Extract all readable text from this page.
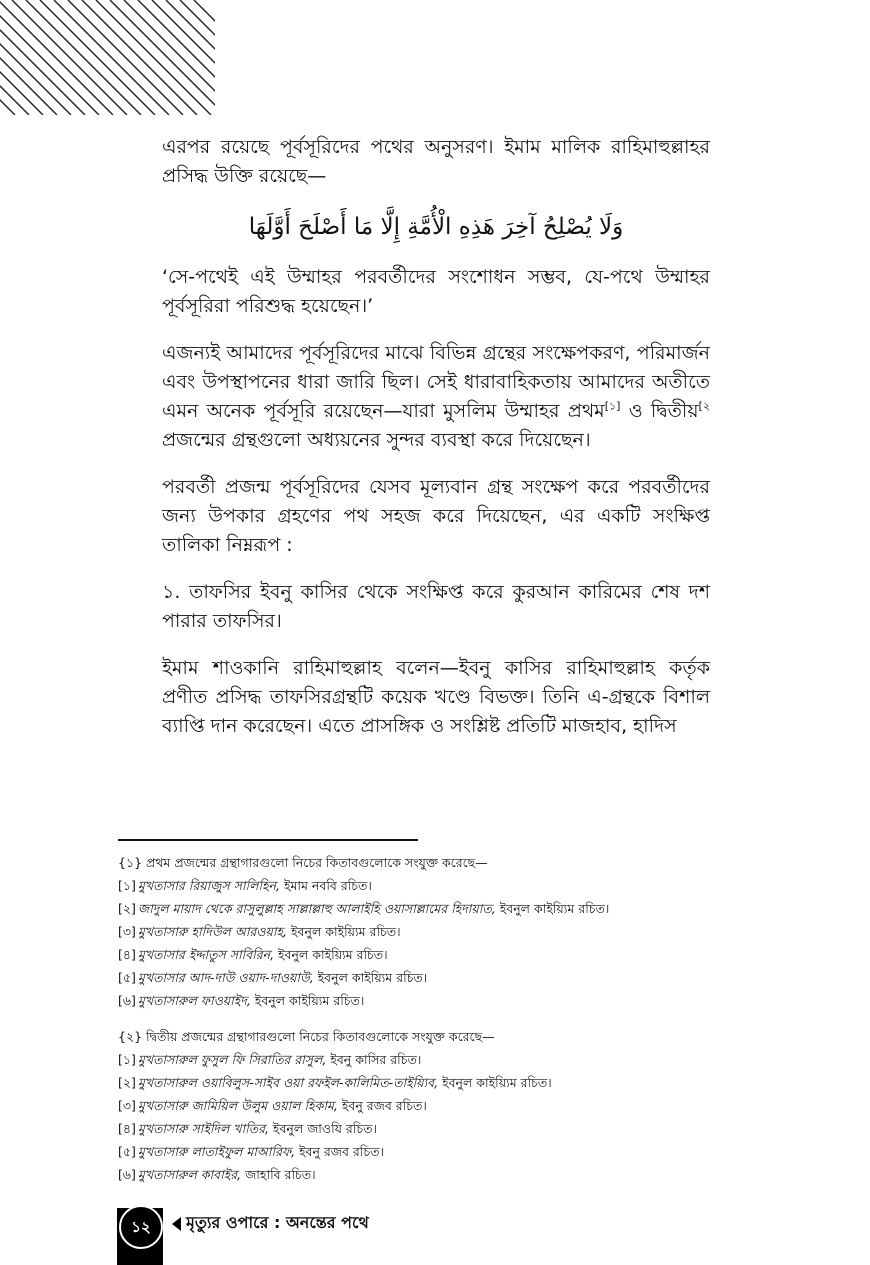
এরপর রয়েছে পূর্বসূরিদের পথের অনুসরণ। ইমাম মালিক রাহিমাহুল্লাহর প্রসিদ্ধ উক্তি রয়েছে—

وَلَا يُصْلِحُ آخِرَ هَذِهِ الْأُمَّةِ إِلَّا مَا أَصْلَحَ أَوَّلَهَا

‘সে-পথেই এই উম্মাহর পরবর্তীদের সংশোধন সম্ভব, যে-পথে উম্মাহর পূর্বসূরিরা পরিশুদ্ধ হয়েছেন।’

এজন্যই আমাদের পূর্বসূরিদের মাঝে বিভিন্ন গ্রন্থের সংক্ষেপকরণ, পরিমার্জন এবং উপস্থাপনের ধারা জারি ছিল। সেই ধারাবাহিকতায় আমাদের অতীতে এমন অনেক পূর্বসূরি রয়েছেন—যারা মুসলিম উম্মাহর প্রথম[১] ও দ্বিতীয়$^{[২}$ প্রজন্মের গ্রন্থগুলো অধ্যয়নের সুন্দর ব্যবস্থা করে দিয়েছেন।

পরবর্তী প্রজন্ম পূর্বসূরিদের যেসব মূল্যবান গ্রন্থ সংক্ষেপ করে পরবর্তীদের জন্য উপকার গ্রহণের পথ সহজ করে দিয়েছেন, এর একটি সংক্ষিপ্ত তালিকা নিম্নরূপ :

১. তাফসির ইবনু কাসির থেকে সংক্ষিপ্ত করে কুরআন কারিমের শেষ দশ পারার তাফসির।

ইমাম শাওকানি রাহিমাহুল্লাহ বলেন—ইবনু কাসির রাহিমাহুল্লাহ কর্তৃক প্রণীত প্রসিদ্ধ তাফসিরগ্রন্থটি কয়েক খণ্ডে বিভক্ত। তিনি এ-গ্রন্থকে বিশাল ব্যাপ্তি দান করেছেন। এতে প্রাসঙ্গিক ও সংশ্লিষ্ট প্রতিটি মাজহাব, হাদিস

{১} প্রথম প্রজন্মের গ্রন্থাগারগুলো নিচের কিতাবগুলোকে সংযুক্ত করেছে—
[১] মুখতাসার রিয়াজুস সালিহিন, ইমাম নববি রচিত।
[২] জাদুল মায়াদ থেকে রাসুলুল্লাহ সাল্লাল্লাহু আলাইহি ওয়াসাল্লামের হিদায়াত, ইবনুল কাইয়্যিম রচিত।
[৩] মুখতাসারু হাদিউল আরওয়াহ, ইবনুল কাইয়্যিম রচিত।
[৪] মুখতাসার ইদ্দাতুস সাবিরিন, ইবনুল কাইয়্যিম রচিত।
[৫] মুখতাসার আদ-দাউ ওয়াদ-দাওয়াউ, ইবনুল কাইয়্যিম রচিত।
[৬] মুখতাসারুল ফাওয়াইদ, ইবনুল কাইয়্যিম রচিত।
{২} দ্বিতীয় প্রজন্মের গ্রন্থাগারগুলো নিচের কিতাবগুলোকে সংযুক্ত করেছে—
[১] মুখতাসারুল ফুসুল ফি সিরাতির রাসুল, ইবনু কাসির রচিত।
[২] মুখতাসারুল ওয়াবিলুস-সাইব ওয়া রফইল-কালিমিত-তাইয়্যিব, ইবনুল কাইয়্যিম রচিত।
[৩] মুখতাসারু জামিয়িল উলুম ওয়াল হিকাম, ইবনু রজব রচিত।
[৪] মুখতাসারু সাইদিল খাতির, ইবনুল জাওযি রচিত।
[৫] মুখতাসারু লাতাইফুল মাআরিফ, ইবনু রজব রচিত।
[৬] মুখতাসারুল কাবাইর, জাহাবি রচিত।
১২	মৃত্যুর ওপারে : অনন্তের পথে
